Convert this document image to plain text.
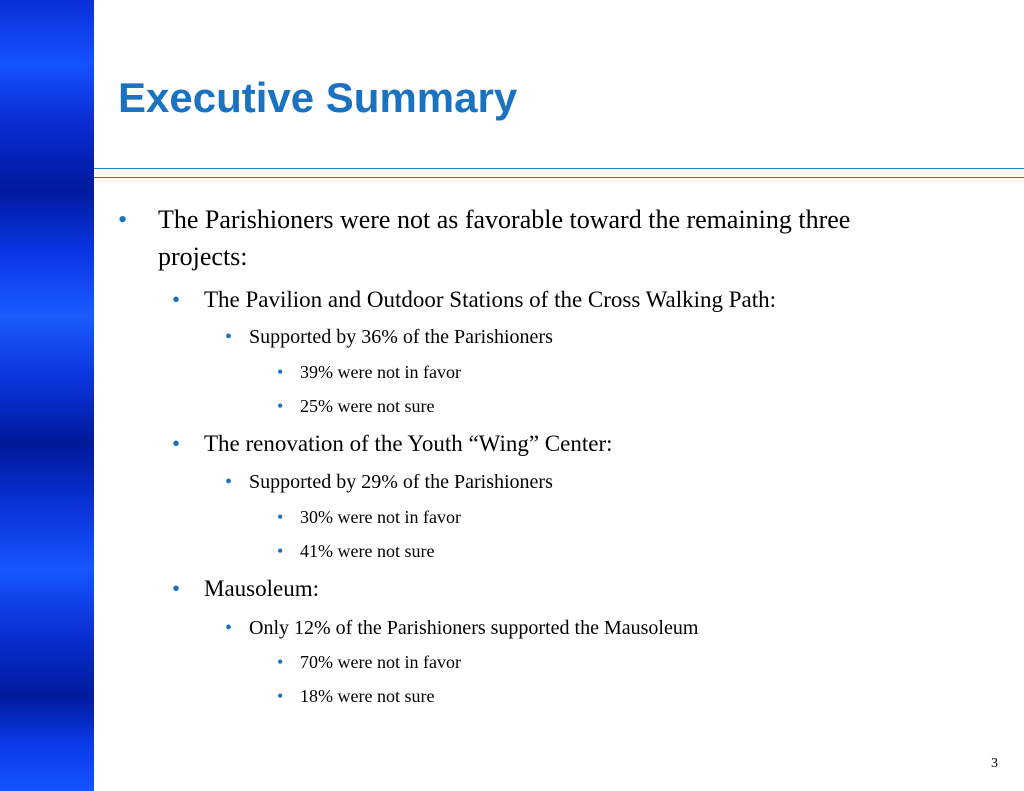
Executive Summary
• The Parishioners were not as favorable toward the remaining three
projects:
• The Pavilion and Outdoor Stations of the Cross Walking Path:
• Supported by 36% of the Parishioners
• 39% were not in favor
• 25% were not sure
• The renovation of the Youth “Wing” Center:
• Supported by 29% of the Parishioners
• 30% were not in favor
• 41% were not sure
• Mausoleum:
• Only 12% of the Parishioners supported the Mausoleum
• 70% were not in favor
• 18% were not sure
3
